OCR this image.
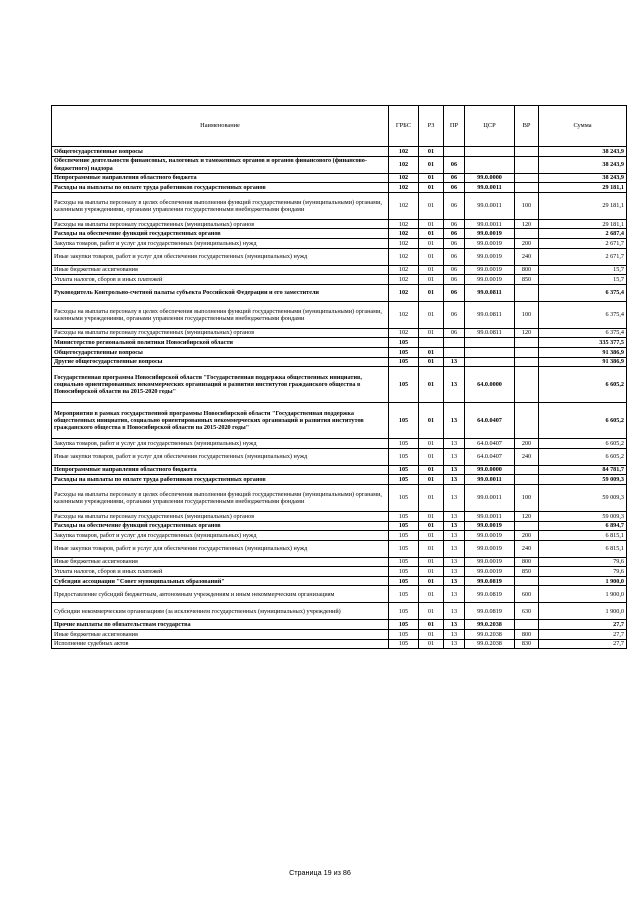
Наименование	ГРБС	РЗ	ПР	ЦСР	ВР	Сумма
Общегосударственные вопросы	102	01				38 243,9
Обеспечение деятельности финансовых, налоговых и таможенных органов и органов финансового (финансово-бюджетного) надзора	102	01	06			38 243,9
Непрограммные направления областного бюджета	102	01	06	99.0.0000		38 243,9
Расходы на выплаты по оплате труда работников государственных органов	102	01	06	99.0.0011		29 181,1
Расходы на выплаты персоналу в целях обеспечения выполнения функций государственными (муниципальными) органами, казенными учреждениями, органами управления государственными внебюджетными фондами	102	01	06	99.0.0011	100	29 181,1
Расходы на выплаты персоналу государственных (муниципальных) органов	102	01	06	99.0.0011	120	29 181,1
Расходы на обеспечение функций государственных органов	102	01	06	99.0.0019		2 687,4
Закупка товаров, работ и услуг для государственных (муниципальных) нужд	102	01	06	99.0.0019	200	2 671,7
Иные закупки товаров, работ и услуг для обеспечения государственных (муниципальных) нужд	102	01	06	99.0.0019	240	2 671,7
Иные бюджетные ассигнования	102	01	06	99.0.0019	800	15,7
Уплата налогов, сборов и иных платежей	102	01	06	99.0.0019	850	15,7
Руководитель Контрольно-счетной палаты субъекта Российской Федерации и его заместители	102	01	06	99.0.0811		6 375,4
Расходы на выплаты персоналу в целях обеспечения выполнения функций государственными (муниципальными) органами, казенными учреждениями, органами управления государственными внебюджетными фондами	102	01	06	99.0.0811	100	6 375,4
Расходы на выплаты персоналу государственных (муниципальных) органов	102	01	06	99.0.0811	120	6 375,4
Министерство региональной политики Новосибирской области	105					335 377,5
Общегосударственные вопросы	105	01				91 386,9
Другие общегосударственные вопросы	105	01	13			91 386,9
Государственная программа Новосибирской области "Государственная поддержка общественных инициатив, социально ориентированных некоммерческих организаций и развития институтов гражданского общества в Новосибирской области на 2015-2020 годы"	105	01	13	64.0.0000		6 605,2
Мероприятия в рамках государственной программы Новосибирской области "Государственная поддержка общественных инициатив, социально ориентированных некоммерческих организаций и развития институтов гражданского общества в Новосибирской области на 2015-2020 годы"	105	01	13	64.0.0407		6 605,2
Закупка товаров, работ и услуг для государственных (муниципальных) нужд	105	01	13	64.0.0407	200	6 605,2
Иные закупки товаров, работ и услуг для обеспечения государственных (муниципальных) нужд	105	01	13	64.0.0407	240	6 605,2
Непрограммные направления областного бюджета	105	01	13	99.0.0000		84 781,7
Расходы на выплаты по оплате труда работников государственных органов	105	01	13	99.0.0011		59 009,3
Расходы на выплаты персоналу в целях обеспечения выполнения функций государственными (муниципальными) органами, казенными учреждениями, органами управления государственными внебюджетными фондами	105	01	13	99.0.0011	100	59 009,3
Расходы на выплаты персоналу государственных (муниципальных) органов	105	01	13	99.0.0011	120	59 009,3
Расходы на обеспечение функций государственных органов	105	01	13	99.0.0019		6 894,7
Закупка товаров, работ и услуг для государственных (муниципальных) нужд	105	01	13	99.0.0019	200	6 815,1
Иные закупки товаров, работ и услуг для обеспечения государственных (муниципальных) нужд	105	01	13	99.0.0019	240	6 815,1
Иные бюджетные ассигнования	105	01	13	99.0.0019	800	79,6
Уплата налогов, сборов и иных платежей	105	01	13	99.0.0019	850	79,6
Субсидия ассоциации "Совет муниципальных образований"	105	01	13	99.0.0819		1 900,0
Предоставление субсидий бюджетным, автономным учреждениям и иным некоммерческим организациям	105	01	13	99.0.0819	600	1 900,0
Субсидии некоммерческим организациям (за исключением государственных (муниципальных) учреждений)	105	01	13	99.0.0819	630	1 900,0
Прочие выплаты по обязательствам государства	105	01	13	99.0.2038		27,7
Иные бюджетные ассигнования	105	01	13	99.0.2038	800	27,7
Исполнение судебных актов	105	01	13	99.0.2038	830	27,7
Страница 19 из 86
